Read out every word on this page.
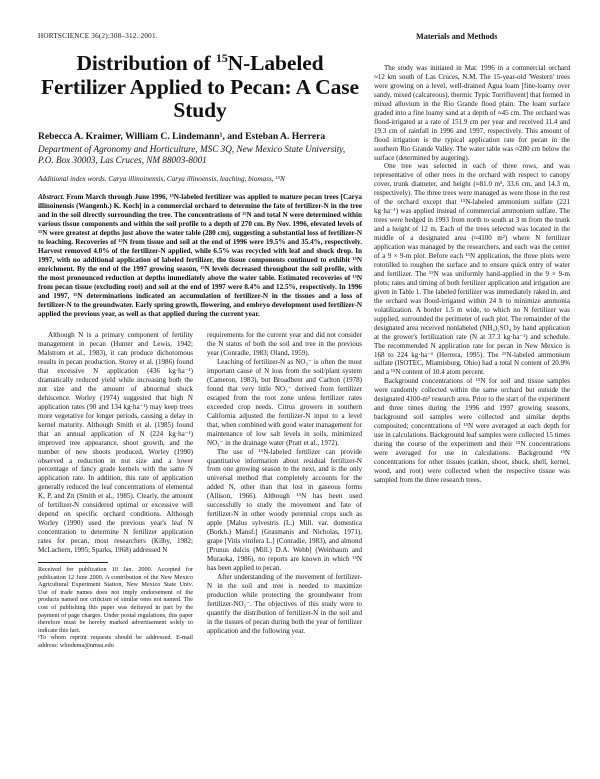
HORTSCIENCE 36(2):308–312. 2001.	Materials and Methods
Distribution of $^{15}$N-Labeled Fertilizer Applied to Pecan: A Case Study
Rebecca A. Kraimer, William C. Lindemann¹, and Esteban A. Herrera
Department of Agronomy and Horticulture, MSC 3Q, New Mexico State University, P.O. Box 30003, Las Cruces, NM 88003-8001
Additional index words. Carya illinoinensis, Carya illinoensis, leaching, biomass, ¹⁵N
Abstract. From March through June 1996, ¹⁵N-labeled fertilizer was applied to mature pecan trees [Carya illinoinensis (Wangenh.) K. Koch] in a commercial orchard to determine the fate of fertilizer-N in the tree and in the soil directly surrounding the tree. The concentrations of ¹⁵N and total N were determined within various tissue components and within the soil profile to a depth of 270 cm. By Nov. 1996, elevated levels of ¹⁵N were greatest at depths just above the water table (280 cm), suggesting a substantial loss of fertilizer-N to leaching. Recoveries of ¹⁵N from tissue and soil at the end of 1996 were 19.5% and 35.4%, respectively. Harvest removed 4.0% of the fertilizer-N applied, while 6.5% was recycled with leaf and shuck drop. In 1997, with no additional application of labeled fertilizer, the tissue components continued to exhibit ¹⁵N enrichment. By the end of the 1997 growing season, ¹⁵N levels decreased throughout the soil profile, with the most pronounced reduction at depths immediately above the water table. Estimated recoveries of ¹⁵N from pecan tissue (excluding root) and soil at the end of 1997 were 8.4% and 12.5%, respectively. In 1996 and 1997, ¹⁵N determinations indicated an accumulation of fertilizer-N in the tissues and a loss of fertilizer-N to the groundwater. Early spring growth, flowering, and embryo development used fertilizer-N applied the previous year, as well as that applied during the current year.

Although N is a primary component of fertility management in pecan (Hunter and Lewis, 1942; Malstrom et al., 1983), it can produce dichotomous results in pecan production. Storey et al. (1986) found that excessive N application (436 kg·ha⁻¹) dramatically reduced yield while increasing both the nut size and the amount of abnormal shuck dehiscence. Worley (1974) suggested that high N application rates (90 and 134 kg·ha⁻¹) may keep trees more vegetative for longer periods, causing a delay in kernel maturity. Although Smith et al. (1985) found that an annual application of N (224 kg·ha⁻¹) improved tree appearance, shoot growth, and the number of new shoots produced, Worley (1990) observed a reduction in nut size and a lower percentage of fancy grade kernels with the same N application rate. In addition, this rate of application generally reduced the leaf concentrations of elemental K, P, and Zn (Smith et al., 1985). Clearly, the amount of fertilizer-N considered optimal or excessive will depend on specific orchard conditions. Although Worley (1990) used the previous year's leaf N concentration to determine N fertilizer application rates for pecan, most researchers (Kilby, 1982; McLachern, 1995; Sparks, 1968) addressed N

Received for publication 10 Jan. 2000. Accepted for publication 12 June 2000. A contribution of the New Mexico Agricultural Experiment Station, New Mexico State Univ. Use of trade names does not imply endorsement of the products named nor criticism of similar ones not named. The cost of publishing this paper was defrayed in part by the payment of page charges. Under postal regulations, this paper therefore must be hereby marked advertisement solely to indicate this fact.

¹To whom reprint requests should be addressed. E-mail address: wlindema@nmsu.edu

requirements for the current year and did not consider the N status of both the soil and tree in the previous year (Conradie, 1983; Oland, 1959).

Leaching of fertilizer-N as NO₃⁻ is often the most important cause of N loss from the soil/plant system (Cameron, 1983), but Broadbent and Carlton (1978) found that very little NO₃⁻ derived from fertilizer escaped from the root zone unless fertilizer rates exceeded crop needs. Citrus growers in southern California adjusted the fertilizer-N input to a level that, when combined with good water management for maintenance of low salt levels in soils, minimized NO₃⁻ in the drainage water (Pratt et al., 1972).

The use of ¹⁵N-labeled fertilizer can provide quantitative information about residual fertilizer-N from one growing season to the next, and is the only universal method that completely accounts for the added N, other than that lost in gaseous forms (Allison, 1966). Although ¹⁵N has been used successfully to study the movement and fate of fertilizer-N in other woody perennial crops such as apple [Malus sylvestris (L.) Mill. var. domestica (Borkh.) Mansf.] (Grasmanis and Nicholas, 1971), grape [Vitis vinifera L.] (Conradie, 1983), and almond [Prunus dulcis (Mill.) D.A. Webb] (Weinbaum and Muraoka, 1986), no reports are known in which ¹⁵N has been applied to pecan.

After understanding of the movement of fertilizer-N in the soil and tree is needed to maximize production while protecting the groundwater from fertilizer-NO₃⁻. The objectives of this study were to quantify the distribution of fertilizer-N in the soil and in the tissues of pecan during both the year of fertilizer application and the following year.

The study was initiated in Mar. 1996 in a commercial orchard ≈12 km south of Las Cruces, N.M. The 15-year-old 'Western' trees were growing on a level, well-drained Agua loam [fine-loamy over sandy, mixed (calcareous), thermic Typic Torrifluvent] that formed in mixed alluvium in the Rio Grande flood plain. The loam surface graded into a fine loamy sand at a depth of ≈45 cm. The orchard was flood-irrigated at a rate of 151.9 cm per year and received 11.4 and 19.3 cm of rainfall in 1996 and 1997, respectively. This amount of flood irrigation is the typical application rate for pecan in the southern Rio Grande Valley. The water table was ≈280 cm below the surface (determined by augering).

One tree was selected in each of three rows, and was representative of other trees in the orchard with respect to canopy cover, trunk diameter, and height (≈81.0 m², 33.6 cm, and 14.3 m, respectively). The three trees were managed as were those in the rest of the orchard except that ¹⁵N-labeled ammonium sulfate (221 kg·ha⁻¹) was applied instead of commercial ammonium sulfate. The trees were hedged in 1993 from north to south at 3 m from the trunk and a height of 12 m. Each of the trees selected was located in the middle of a designated area (≈4100 m²) where N fertilizer application was managed by the researchers, and each was the center of a 9 × 9-m plot. Before each ¹⁵N application, the three plots were rototilled to roughen the surface and to ensure quick entry of water and fertilizer. The ¹⁵N was uniformly hand-applied in the 9 × 9-m plots; rates and timing of both fertilizer application and irrigation are given in Table 1. The labeled fertilizer was immediately raked in, and the orchard was flood-irrigated within 24 h to minimize ammonia volatilization. A border 1.5 m wide, to which no N fertilizer was supplied, surrounded the perimeter of each plot. The remainder of the designated area received nonlabeled (NH₄)₂SO₄ by hand application at the grower's fertilization rate (N at 37.3 kg·ha⁻¹) and schedule. The recommended N application rate for pecan in New Mexico is 168 to 224 kg·ha⁻¹ (Herrera, 1995). The ¹⁵N-labeled ammonium sulfate (ISOTEC, Miamisburg, Ohio) had a total N content of 20.9% and a ¹⁵N content of 10.4 atom percent.

Background concentrations of ¹⁵N for soil and tissue samples were randomly collected within the same orchard but outside the designated 4100-m² research area. Prior to the start of the experiment and three times during the 1996 and 1997 growing seasons, background soil samples were collected and similar depths composited; concentrations of ¹⁵N were averaged at each depth for use in calculations. Background leaf samples were collected 15 times during the course of the experiment and their ¹⁵N concentrations were averaged for use in calculations. Background ¹⁵N concentrations for other tissues (catkin, shoot, shuck, shell, kernel, wood, and root) were collected when the respective tissue was sampled from the three research trees.
